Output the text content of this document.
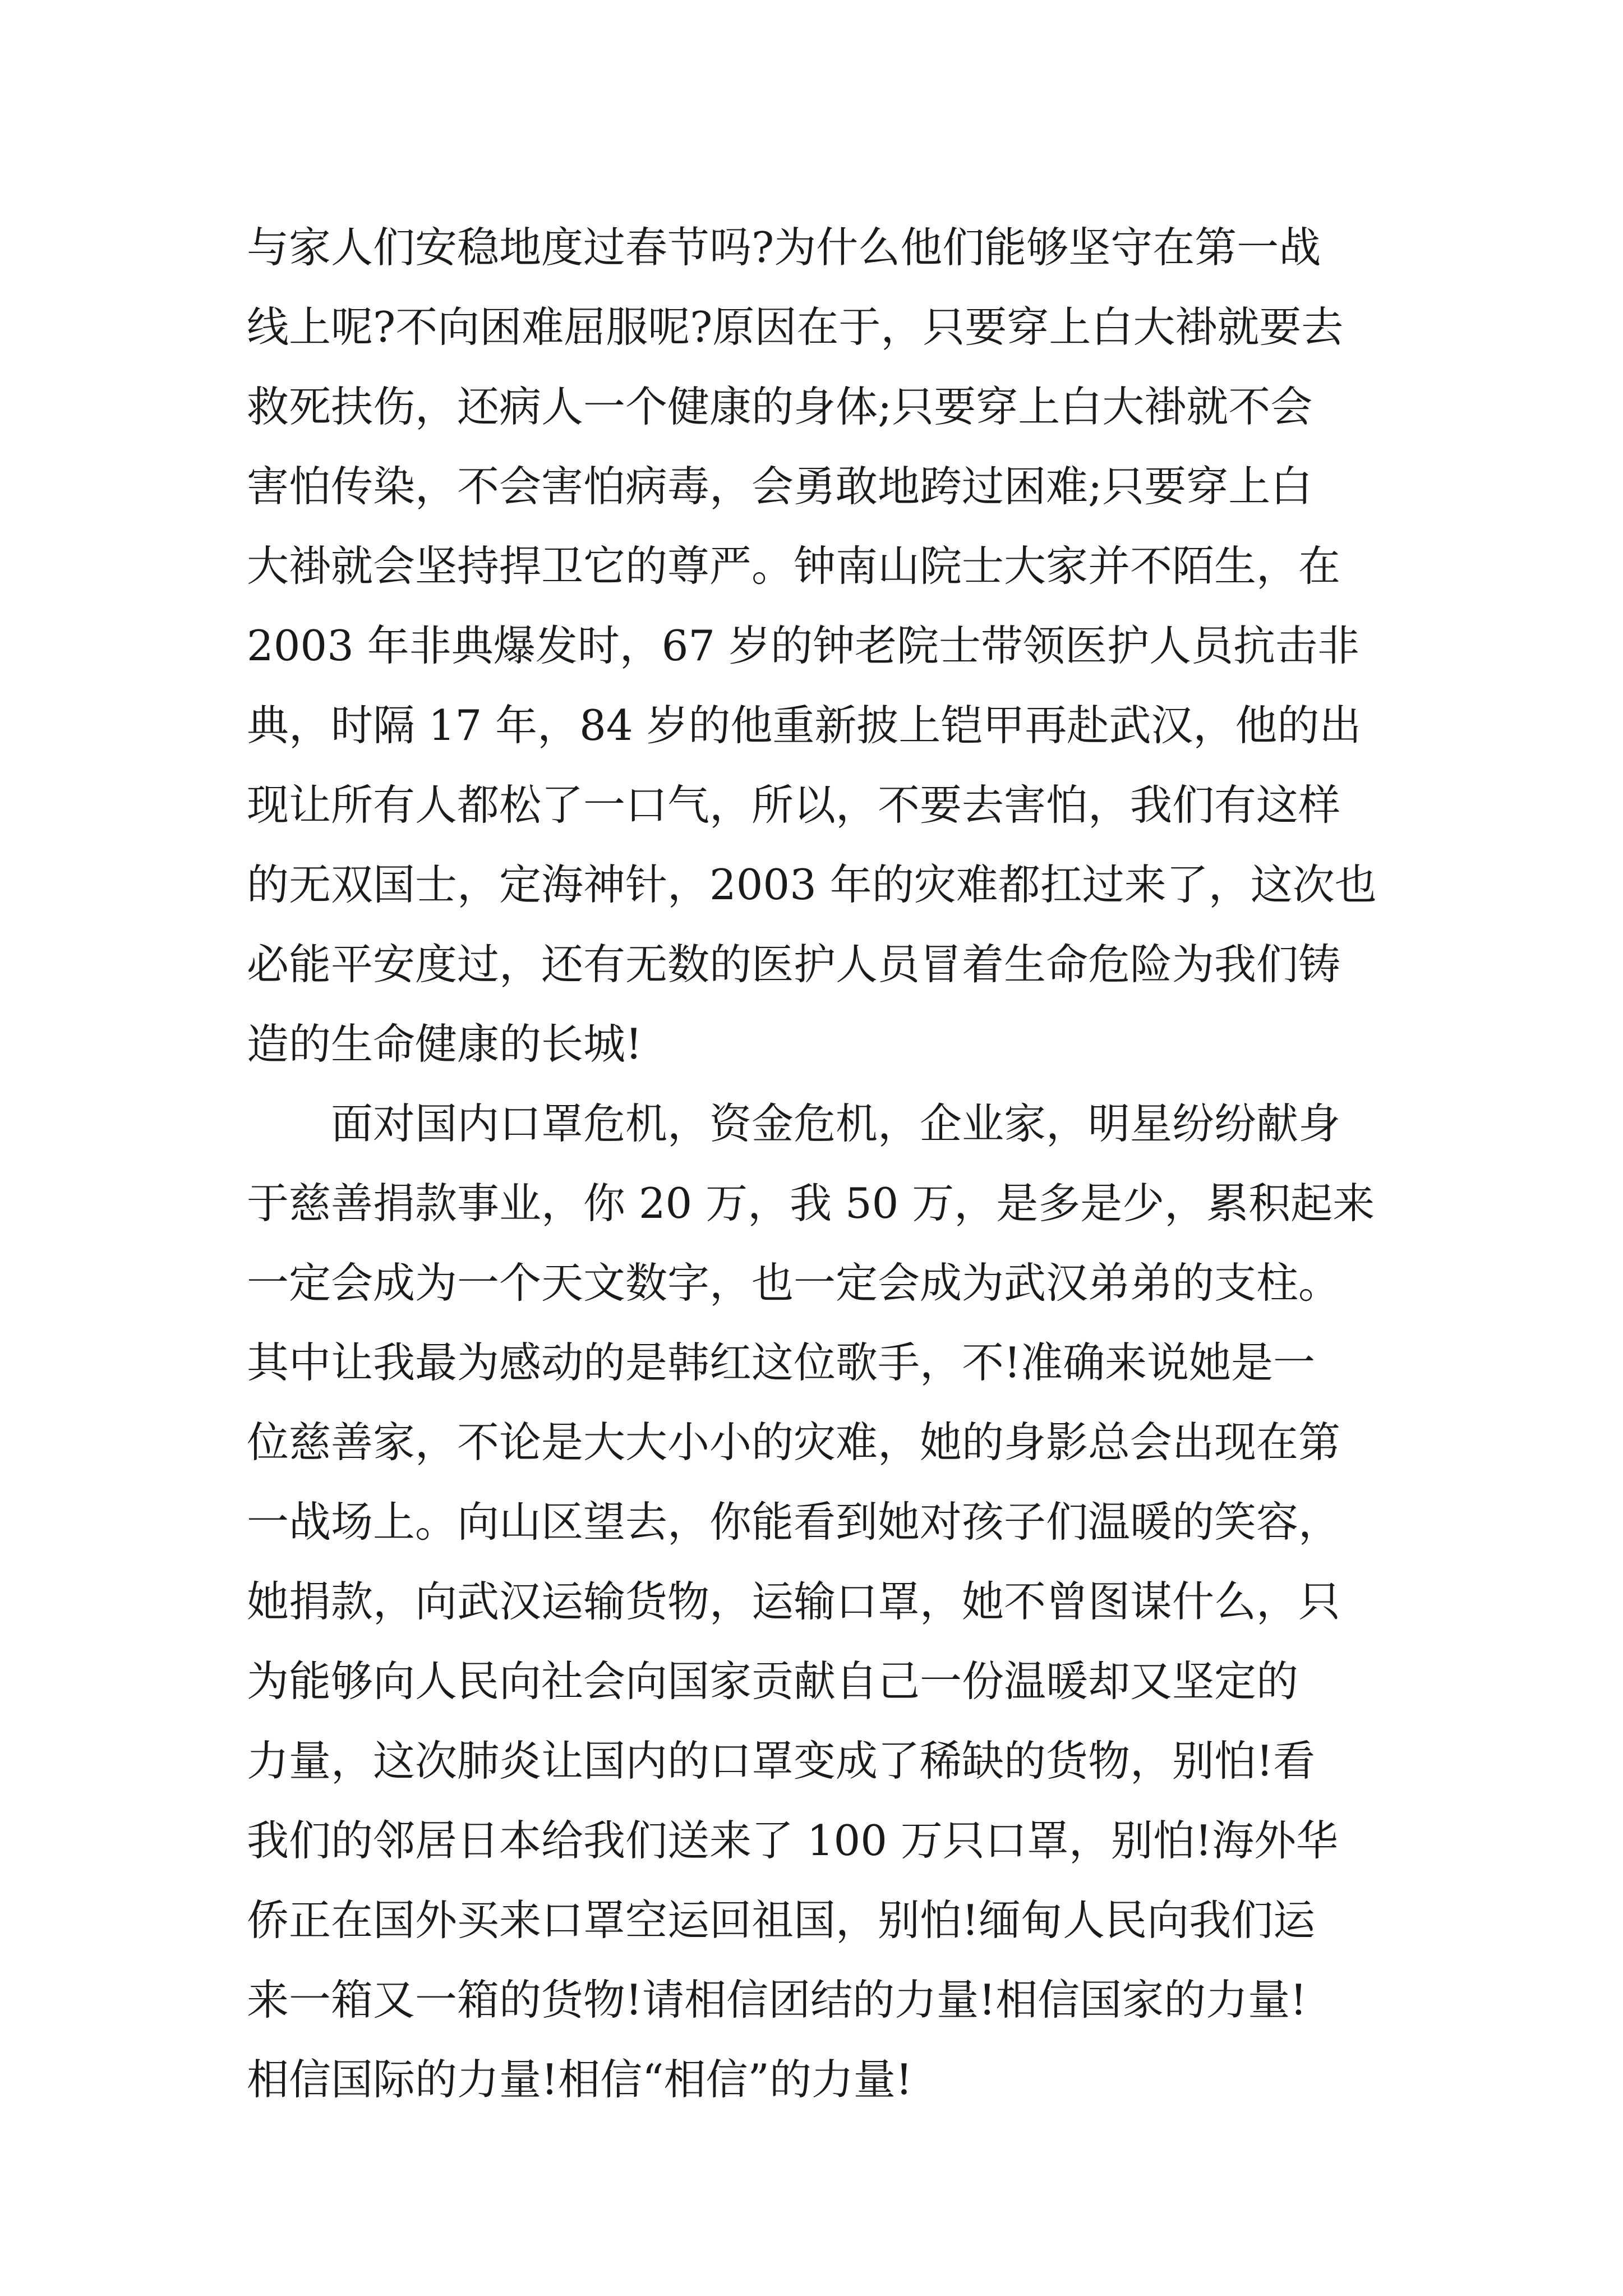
与家人们安稳地度过春节吗?为什么他们能够坚守在第一战
线上呢?不向困难屈服呢?原因在于，只要穿上白大褂就要去
救死扶伤，还病人一个健康的身体;只要穿上白大褂就不会
害怕传染，不会害怕病毒，会勇敢地跨过困难;只要穿上白
大褂就会坚持捍卫它的尊严。钟南山院士大家并不陌生，在
2003 年非典爆发时，67 岁的钟老院士带领医护人员抗击非
典，时隔 17 年，84 岁的他重新披上铠甲再赴武汉，他的出
现让所有人都松了一口气，所以，不要去害怕，我们有这样
的无双国士，定海神针，2003 年的灾难都扛过来了，这次也
必能平安度过，还有无数的医护人员冒着生命危险为我们铸
造的生命健康的长城!
　　面对国内口罩危机，资金危机，企业家，明星纷纷献身
于慈善捐款事业，你 20 万，我 50 万，是多是少，累积起来
一定会成为一个天文数字，也一定会成为武汉弟弟的支柱。
其中让我最为感动的是韩红这位歌手，不!准确来说她是一
位慈善家，不论是大大小小的灾难，她的身影总会出现在第
一战场上。向山区望去，你能看到她对孩子们温暖的笑容，
她捐款，向武汉运输货物，运输口罩，她不曾图谋什么，只
为能够向人民向社会向国家贡献自己一份温暖却又坚定的
力量，这次肺炎让国内的口罩变成了稀缺的货物，别怕!看
我们的邻居日本给我们送来了 100 万只口罩，别怕!海外华
侨正在国外买来口罩空运回祖国，别怕!缅甸人民向我们运
来一箱又一箱的货物!请相信团结的力量!相信国家的力量!
相信国际的力量!相信“相信”的力量!
